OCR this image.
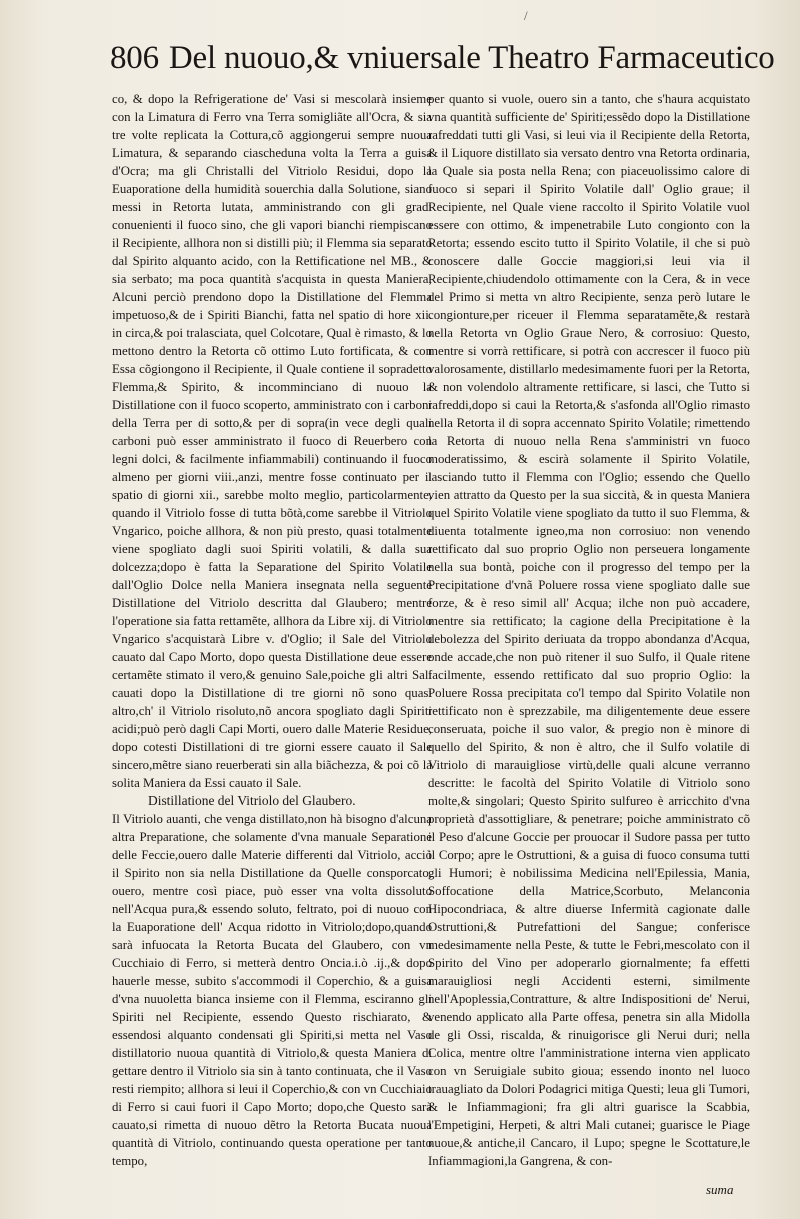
/
806 Del nuouo,& vniuersale Theatro Farmaceutico

co, & dopo la Refrigeratione de' Vasi si mescolarà insieme con la Limatura di Ferro vna Terra somigliãte all'Ocra, & sia tre volte replicata la Cottura,cõ aggiongerui sempre nuoua Limatura, & separando ciascheduna volta la Terra a guisa d'Ocra; ma gli Christalli del Vitriolo Residui, dopo la Euaporatione della humidità souerchia dalla Solutione, siano messi in Retorta lutata, amministrando con gli gradi conuenienti il fuoco sino, che gli vapori bianchi riempiscano il Recipiente, allhora non si distilli più; il Flemma sia separato dal Spirito alquanto acido, con la Rettificatione nel MB., & sia serbato; ma poca quantità s'acquista in questa Maniera; Alcuni perciò prendono dopo la Distillatione del Flemma impetuoso,& de i Spiriti Bianchi, fatta nel spatio di hore xii. in circa,& poi tralasciata, quel Colcotare, Qual è rimasto, & lo mettono dentro la Retorta cõ ottimo Luto fortificata, & con Essa cõgiongono il Recipiente, il Quale contiene il sopradetto Flemma,& Spirito, & incomminciano di nuouo la Distillatione con il fuoco scoperto, amministrato con i carboni della Terra per di sotto,& per di sopra(in vece degli quali carboni può esser amministrato il fuoco di Reuerbero con legni dolci, & facilmente infiammabili) continuando il fuoco almeno per giorni viii.,anzi, mentre fosse continuato per il spatio di giorni xii., sarebbe molto meglio, particolarmente, quando il Vitriolo fosse di tutta bõtà,come sarebbe il Vitriolo Vngarico, poiche allhora, & non più presto, quasi totalmente viene spogliato dagli suoi Spiriti volatili, & dalla sua dolcezza;dopo è fatta la Separatione del Spirito Volatile dall'Oglio Dolce nella Maniera insegnata nella seguente Distillatione del Vitriolo descritta dal Glaubero; mentre l'operatione sia fatta rettamẽte, allhora da Libre xij. di Vitriolo Vngarico s'acquistarà Libre v. d'Oglio; il Sale del Vitriolo cauato dal Capo Morto, dopo questa Distillatione deue essere certamẽte stimato il vero,& genuino Sale,poiche gli altri Sali cauati dopo la Distillatione di tre giorni nõ sono quasi altro,ch' il Vitriolo risoluto,nõ ancora spogliato dagli Spiriti acidi;può però dagli Capi Morti, ouero dalle Materie Residue, dopo cotesti Distillationi di tre giorni essere cauato il Sale sincero,mẽtre siano reuerberati sin alla biãchezza, & poi cõ la solita Maniera da Essi cauato il Sale.

Distillatione del Vitriolo del Glaubero.

Il Vitriolo auanti, che venga distillato,non hà bisogno d'alcuna altra Preparatione, che solamente d'vna manuale Separatione delle Feccie,ouero dalle Materie differenti dal Vitriolo, acciò il Spirito non sia nella Distillatione da Quelle consporcato, ouero, mentre così piace, può esser vna volta dissoluto nell'Acqua pura,& essendo soluto, feltrato, poi di nuouo con la Euaporatione dell' Acqua ridotto in Vitriolo;dopo,quando sarà infuocata la Retorta Bucata del Glaubero, con vn Cucchiaio di Ferro, si metterà dentro Oncia.i.ò .ij.,& dopo hauerle messe, subito s'accommodi il Coperchio, & a guisa d'vna nuuoletta bianca insieme con il Flemma, esciranno gli Spiriti nel Recipiente, essendo Questo rischiarato, & essendosi alquanto condensati gli Spiriti,si metta nel Vaso distillatorio nuoua quantità di Vitriolo,& questa Maniera di gettare dentro il Vitriolo sia sin à tanto continuata, che il Vaso resti riempito; allhora si leui il Coperchio,& con vn Cucchiaio di Ferro si caui fuori il Capo Morto; dopo,che Questo sarà cauato,si rimetta di nuouo dẽtro la Retorta Bucata nuoua quantità di Vitriolo, continuando questa operatione per tanto tempo,

per quanto si vuole, ouero sin a tanto, che s'haura acquistato vna quantità sufficiente de' Spiriti;essẽdo dopo la Distillatione rafreddati tutti gli Vasi, si leui via il Recipiente della Retorta, & il Liquore distillato sia versato dentro vna Retorta ordinaria, la Quale sia posta nella Rena; con piaceuolissimo calore di fuoco si separi il Spirito Volatile dall' Oglio graue; il Recipiente, nel Quale viene raccolto il Spirito Volatile vuol essere con ottimo, & impenetrabile Luto congionto con la Retorta; essendo escito tutto il Spirito Volatile, il che si può conoscere dalle Goccie maggiori,si leui via il Recipiente,chiudendolo ottimamente con la Cera, & in vece del Primo si metta vn altro Recipiente, senza però lutare le congionture,per riceuer il Flemma separatamẽte,& restarà nella Retorta vn Oglio Graue Nero, & corrosiuo: Questo, mentre si vorrà rettificare, si potrà con accrescer il fuoco più valorosamente, distillarlo medesimamente fuori per la Retorta, & non volendolo altramente rettificare, si lasci, che Tutto si rafreddi,dopo si caui la Retorta,& s'asfonda all'Oglio rimasto nella Retorta il di sopra accennato Spirito Volatile; rimettendo la Retorta di nuouo nella Rena s'amministri vn fuoco moderatissimo, & escirà solamente il Spirito Volatile, lasciando tutto il Flemma con l'Oglio; essendo che Quello vien attratto da Questo per la sua siccità, & in questa Maniera quel Spirito Volatile viene spogliato da tutto il suo Flemma, & diuenta totalmente igneo,ma non corrosiuo: non venendo rettificato dal suo proprio Oglio non perseuera longamente nella sua bontà, poiche con il progresso del tempo per la Precipitatione d'vnã Poluere rossa viene spogliato dalle sue forze, & è reso simil all' Acqua; ilche non può accadere, mentre sia rettificato; la cagione della Precipitatione è la debolezza del Spirito deriuata da troppo abondanza d'Acqua, onde accade,che non può ritener il suo Sulfo, il Quale ritene facilmente, essendo rettificato dal suo proprio Oglio: la Poluere Rossa precipitata co'l tempo dal Spirito Volatile non rettificato non è sprezzabile, ma diligentemente deue essere conseruata, poiche il suo valor, & pregio non è minore di quello del Spirito, & non è altro, che il Sulfo volatile di Vitriolo di marauigliose virtù,delle quali alcune verranno descritte: le facoltà del Spirito Volatile di Vitriolo sono molte,& singolari; Questo Spirito sulfureo è arricchito d'vna proprietà d'assottigliare, & penetrare; poiche amministrato cõ il Peso d'alcune Goccie per prouocar il Sudore passa per tutto il Corpo; apre le Ostruttioni, & a guisa di fuoco consuma tutti gli Humori; è nobilissima Medicina nell'Epilessia, Mania, Soffocatione della Matrice,Scorbuto, Melanconia Hipocondriaca, & altre diuerse Infermità cagionate dalle Ostruttioni,& Putrefattioni del Sangue; conferisce medesimamente nella Peste, & tutte le Febri,mescolato con il Spirito del Vino per adoperarlo giornalmente; fa effetti marauigliosi negli Accidenti esterni, similmente nell'Apoplessia,Contratture, & altre Indispositioni de' Nerui, venendo applicato alla Parte offesa, penetra sin alla Midolla de gli Ossi, riscalda, & rinuigorisce gli Nerui duri; nella Colica, mentre oltre l'amministratione interna vien applicato con vn Seruigiale subito gioua; essendo inonto nel luoco trauagliato da Dolori Podagrici mitiga Questi; leua gli Tumori, & le Infiammagioni; fra gli altri guarisce la Scabbia, l'Empetigini, Herpeti, & altri Mali cutanei; guarisce le Piage nuoue,& antiche,il Cancaro, il Lupo; spegne le Scottature,le Infiammagioni,la Gangrena, & con-

suma
